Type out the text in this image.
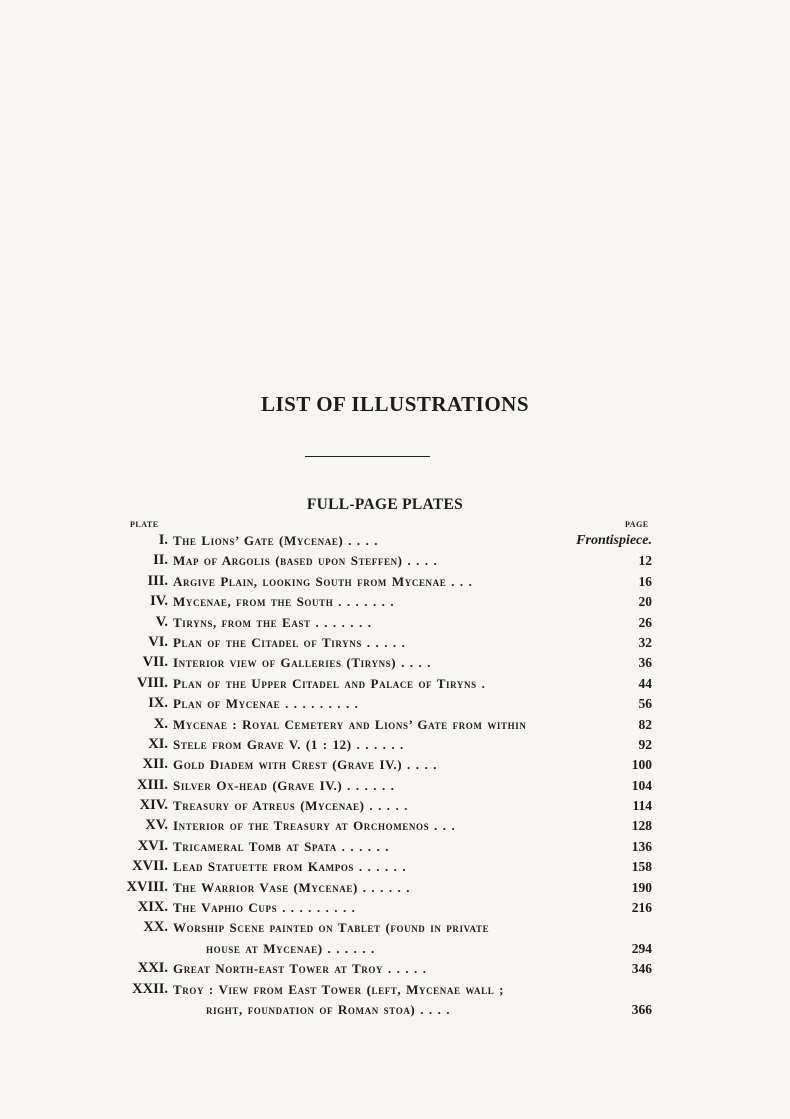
LIST OF ILLUSTRATIONS
FULL-PAGE PLATES
PLATE	PAGE
I. The Lions’ Gate (Mycenae) . . . .	Frontispiece.
II. Map of Argolis (based upon Steffen) . . . .	12
III. Argive Plain, looking South from Mycenae . . .	16
IV. Mycenae, from the South . . . . . . .	20
V. Tiryns, from the East . . . . . . .	26
VI. Plan of the Citadel of Tiryns . . . . .	32
VII. Interior view of Galleries (Tiryns) . . . .	36
VIII. Plan of the Upper Citadel and Palace of Tiryns .	44
IX. Plan of Mycenae . . . . . . . . .	56
X. Mycenae : Royal Cemetery and Lions’ Gate from within	82
XI. Stele from Grave V. (1 : 12) . . . . . .	92
XII. Gold Diadem with Crest (Grave IV.) . . . .	100
XIII. Silver Ox-head (Grave IV.) . . . . . .	104
XIV. Treasury of Atreus (Mycenae) . . . . .	114
XV. Interior of the Treasury at Orchomenos . . .	128
XVI. Tricameral Tomb at Spata . . . . . .	136
XVII. Lead Statuette from Kampos . . . . . .	158
XVIII. The Warrior Vase (Mycenae) . . . . . .	190
XIX. The Vaphio Cups . . . . . . . . .	216
XX. Worship Scene painted on Tablet (found in private
house at Mycenae) . . . . . .	294
XXI. Great North-east Tower at Troy . . . . .	346
XXII. Troy : View from East Tower (left, Mycenae wall ;
right, foundation of Roman stoa) . . . .	366
